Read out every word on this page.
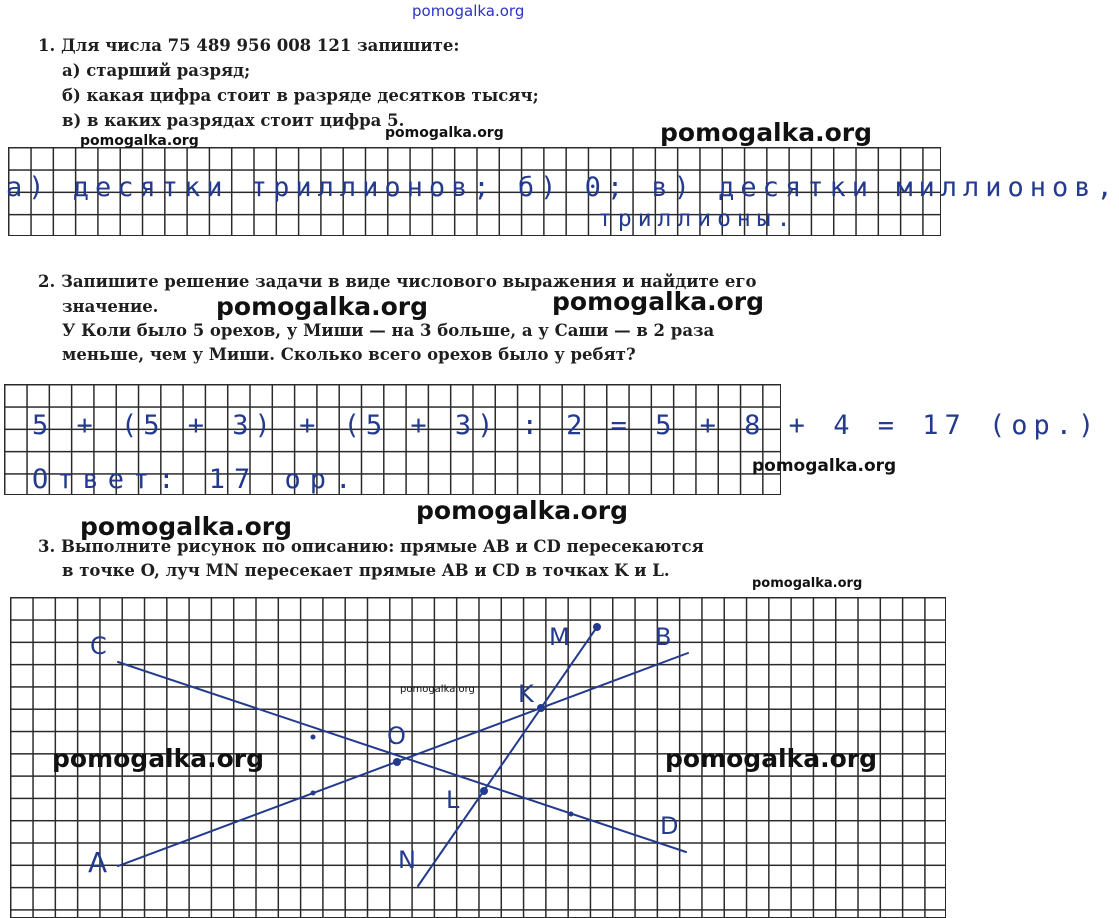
pomogalka.org
1. Для числа 75 489 956 008 121 запишите:
а) старший разряд;
б) какая цифра стоит в разряде десятков тысяч;
в) в каких разрядах стоит цифра 5.
а) десятки триллионов; б) 0; в) десятки миллионов,
триллионы.
pomogalka.org	pomogalka.org	pomogalka.org
2. Запишите решение задачи в виде числового выражения и найдите его
значение.
У Коли было 5 орехов, у Миши — на 3 больше, а у Саши — в 2 раза
меньше, чем у Миши. Сколько всего орехов было у ребят?
5 + (5 + 3) + (5 + 3) : 2 = 5 + 8 + 4 = 17 (ор.)
Ответ: 17 ор.
pomogalka.org	pomogalka.org
pomogalka.org
pomogalka.org
pomogalka.org
3. Выполните рисунок по описанию: прямые AB и CD пересекаются
в точке O, луч MN пересекает прямые AB и CD в точках K и L.
pomogalka.org
C	B
M
K
O
L
D
N
A
pomogalka.org
pomogalka.org	pomogalka.org
